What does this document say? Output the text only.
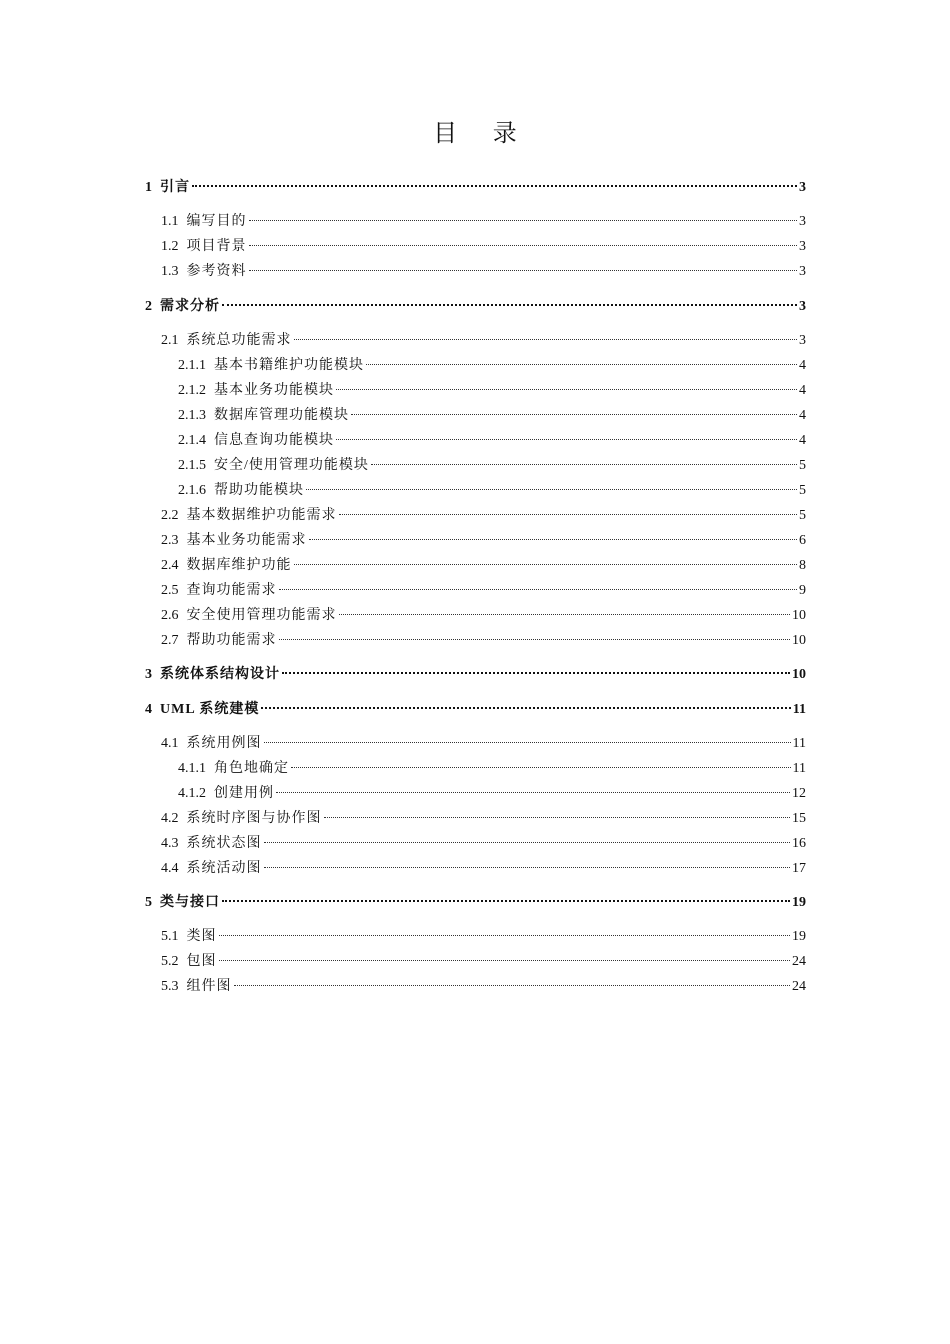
目 录
1 引言	3
1.1 编写目的	3
1.2 项目背景	3
1.3 参考资料	3
2 需求分析	3
2.1 系统总功能需求	3
2.1.1 基本书籍维护功能模块	4
2.1.2 基本业务功能模块	4
2.1.3 数据库管理功能模块	4
2.1.4 信息查询功能模块	4
2.1.5 安全/使用管理功能模块	5
2.1.6 帮助功能模块	5
2.2 基本数据维护功能需求	5
2.3 基本业务功能需求	6
2.4 数据库维护功能	8
2.5 查询功能需求	9
2.6 安全使用管理功能需求	10
2.7 帮助功能需求	10
3 系统体系结构设计	10
4 UML 系统建模	11
4.1 系统用例图	11
4.1.1 角色地确定	11
4.1.2 创建用例	12
4.2 系统时序图与协作图	15
4.3 系统状态图	16
4.4 系统活动图	17
5 类与接口	19
5.1 类图	19
5.2 包图	24
5.3 组件图	24
